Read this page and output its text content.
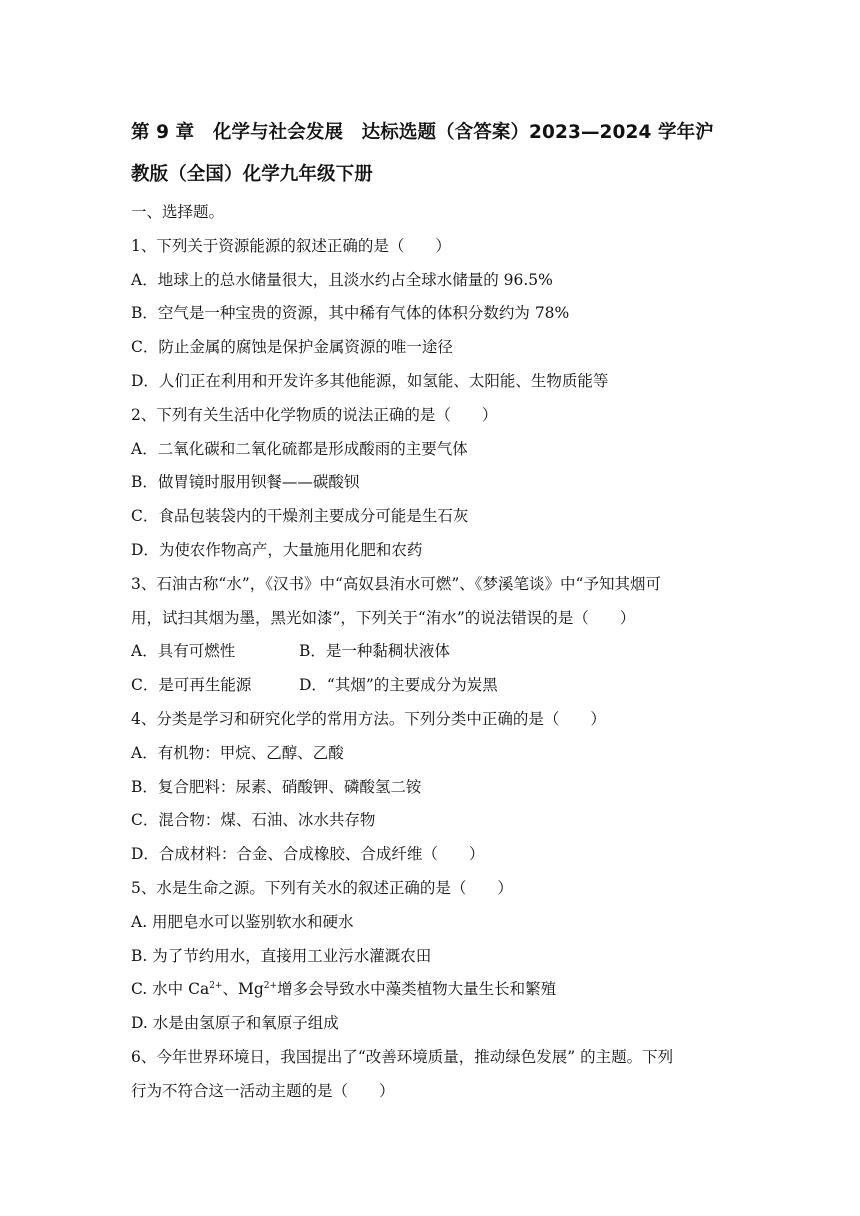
第 9 章　化学与社会发展　达标选题（含答案）2023—2024 学年沪
教版（全国）化学九年级下册
一、选择题。
1、下列关于资源能源的叙述正确的是（　　）
A．地球上的总水储量很大，且淡水约占全球水储量的 96.5%
B．空气是一种宝贵的资源，其中稀有气体的体积分数约为 78%
C．防止金属的腐蚀是保护金属资源的唯一途径
D．人们正在利用和开发许多其他能源，如氢能、太阳能、生物质能等
2、下列有关生活中化学物质的说法正确的是（　　）
A．二氧化碳和二氧化硫都是形成酸雨的主要气体
B．做胃镜时服用钡餐——碳酸钡
C．食品包装袋内的干燥剂主要成分可能是生石灰
D．为使农作物高产，大量施用化肥和农药
3、石油古称“水”，《汉书》中“高奴县洧水可燃”、《梦溪笔谈》中“予知其烟可
用，试扫其烟为墨，黑光如漆”，下列关于“洧水”的说法错误的是（　　）
A．具有可燃性	B．是一种黏稠状液体
C．是可再生能源	D．“其烟”的主要成分为炭黑
4、分类是学习和研究化学的常用方法。下列分类中正确的是（　　）
A．有机物：甲烷、乙醇、乙酸
B．复合肥料：尿素、硝酸钾、磷酸氢二铵
C．混合物：煤、石油、冰水共存物
D．合成材料：合金、合成橡胶、合成纤维（　　）
5、水是生命之源。下列有关水的叙述正确的是（　　）
A. 用肥皂水可以鉴别软水和硬水
B. 为了节约用水，直接用工业污水灌溉农田
C. 水中 $Ca^{2+}$、$Mg^{2+}$增多会导致水中藻类植物大量生长和繁殖
D. 水是由氢原子和氧原子组成
6、今年世界环境日，我国提出了“改善环境质量，推动绿色发展” 的主题。下列
行为不符合这一活动主题的是（　　）
